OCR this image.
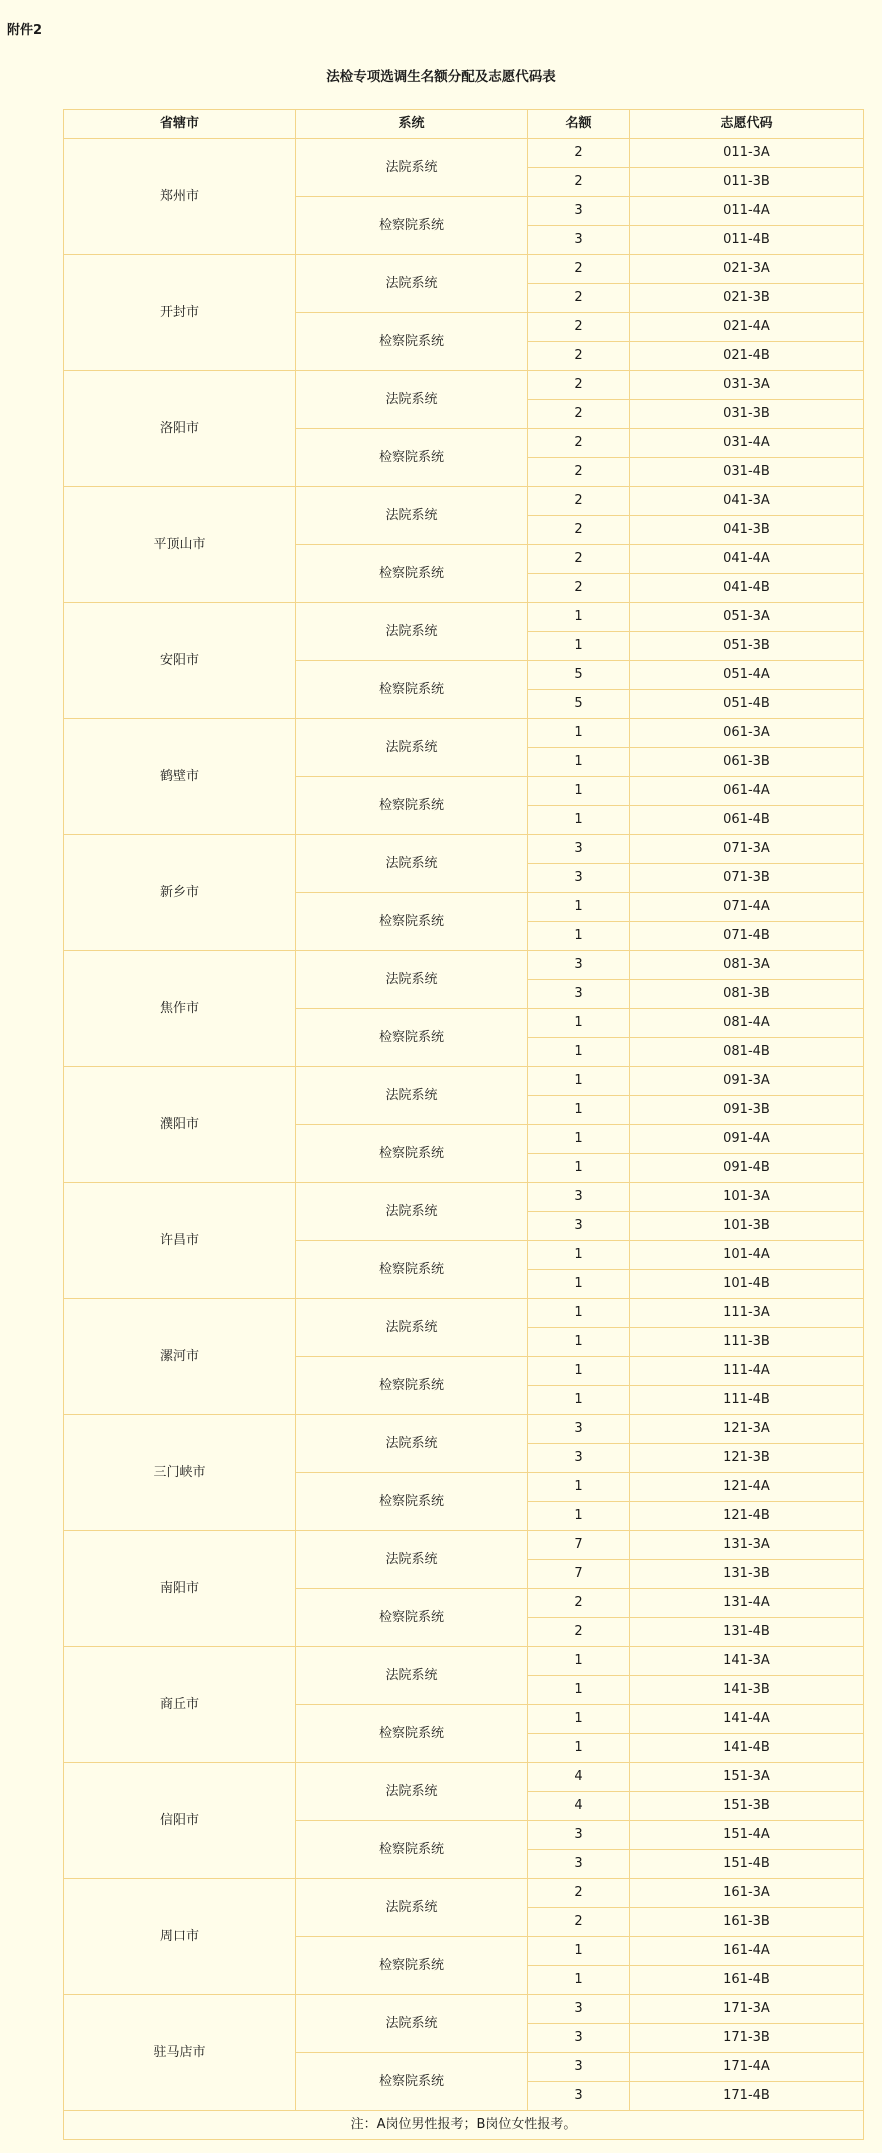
附件2
法检专项选调生名额分配及志愿代码表
省辖市	系统	名额	志愿代码
郑州市	法院系统	2	011-3A
		2	011-3B
	检察院系统	3	011-4A
		3	011-4B
开封市	法院系统	2	021-3A
		2	021-3B
	检察院系统	2	021-4A
		2	021-4B
洛阳市	法院系统	2	031-3A
		2	031-3B
	检察院系统	2	031-4A
		2	031-4B
平顶山市	法院系统	2	041-3A
		2	041-3B
	检察院系统	2	041-4A
		2	041-4B
安阳市	法院系统	1	051-3A
		1	051-3B
	检察院系统	5	051-4A
		5	051-4B
鹤壁市	法院系统	1	061-3A
		1	061-3B
	检察院系统	1	061-4A
		1	061-4B
新乡市	法院系统	3	071-3A
		3	071-3B
	检察院系统	1	071-4A
		1	071-4B
焦作市	法院系统	3	081-3A
		3	081-3B
	检察院系统	1	081-4A
		1	081-4B
濮阳市	法院系统	1	091-3A
		1	091-3B
	检察院系统	1	091-4A
		1	091-4B
许昌市	法院系统	3	101-3A
		3	101-3B
	检察院系统	1	101-4A
		1	101-4B
漯河市	法院系统	1	111-3A
		1	111-3B
	检察院系统	1	111-4A
		1	111-4B
三门峡市	法院系统	3	121-3A
		3	121-3B
	检察院系统	1	121-4A
		1	121-4B
南阳市	法院系统	7	131-3A
		7	131-3B
	检察院系统	2	131-4A
		2	131-4B
商丘市	法院系统	1	141-3A
		1	141-3B
	检察院系统	1	141-4A
		1	141-4B
信阳市	法院系统	4	151-3A
		4	151-3B
	检察院系统	3	151-4A
		3	151-4B
周口市	法院系统	2	161-3A
		2	161-3B
	检察院系统	1	161-4A
		1	161-4B
驻马店市	法院系统	3	171-3A
		3	171-3B
	检察院系统	3	171-4A
		3	171-4B
注：A岗位男性报考；B岗位女性报考。			
